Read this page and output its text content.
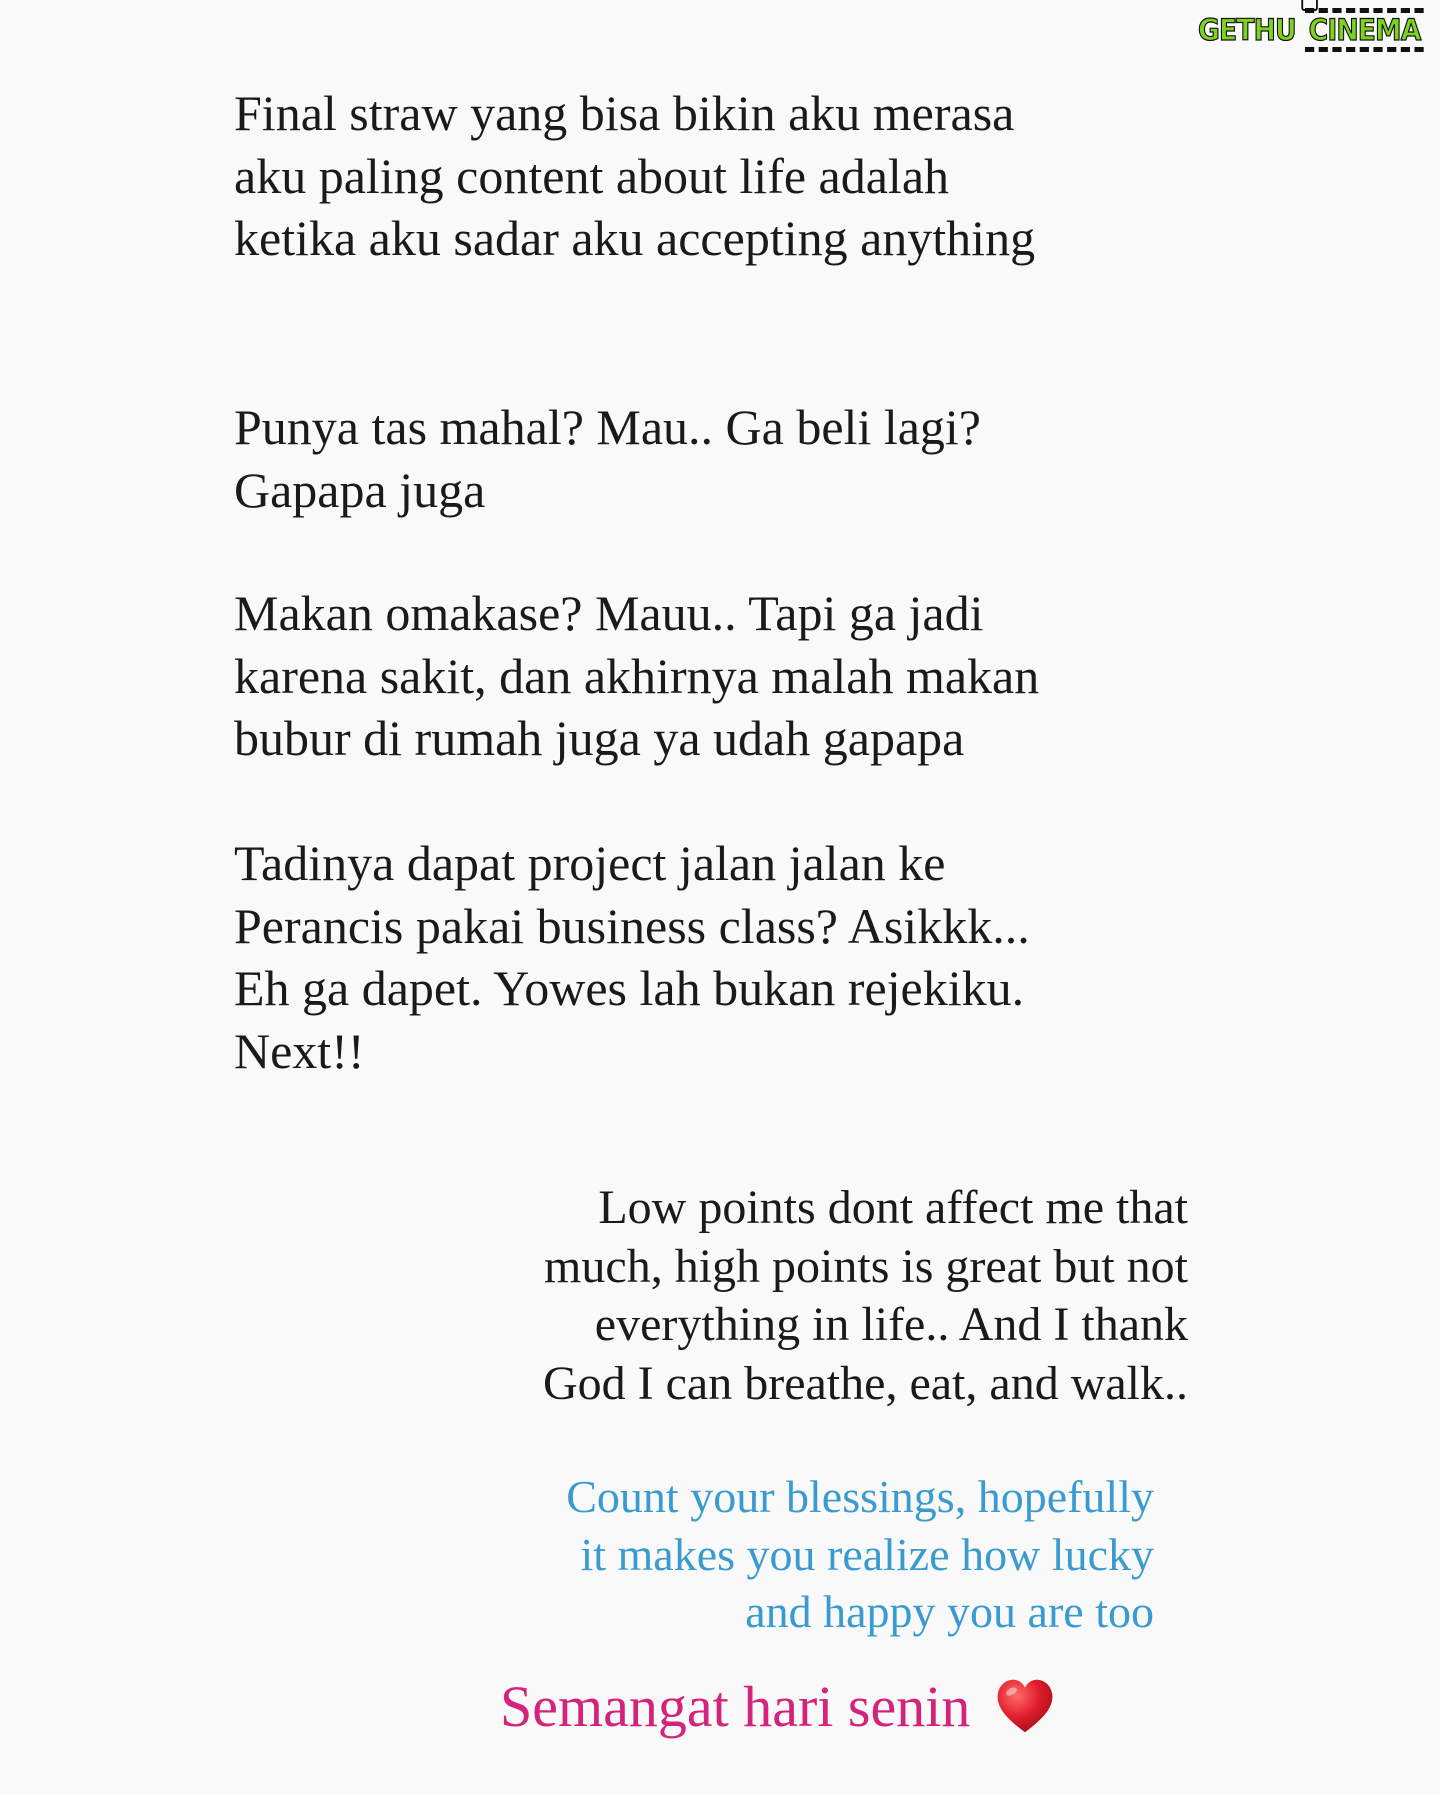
GETHU CINEMA
Final straw yang bisa bikin aku merasa
aku paling content about life adalah
ketika aku sadar aku accepting anything
Punya tas mahal? Mau.. Ga beli lagi?
Gapapa juga
Makan omakase? Mauu.. Tapi ga jadi
karena sakit, dan akhirnya malah makan
bubur di rumah juga ya udah gapapa
Tadinya dapat project jalan jalan ke
Perancis pakai business class? Asikkk...
Eh ga dapet. Yowes lah bukan rejekiku.
Next!!
Low points dont affect me that
much, high points is great but not
everything in life.. And I thank
God I can breathe, eat, and walk..
Count your blessings, hopefully
it makes you realize how lucky
and happy you are too
Semangat hari senin
